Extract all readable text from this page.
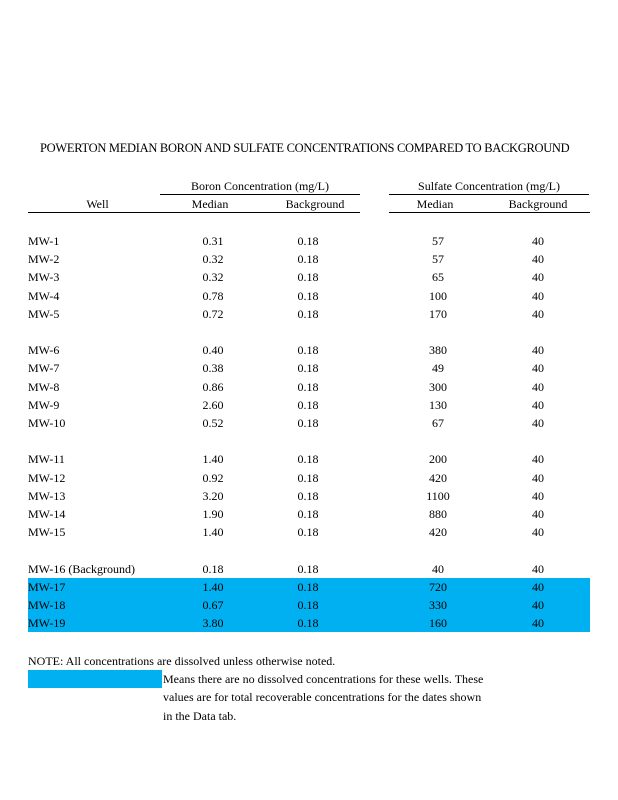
POWERTON MEDIAN BORON AND SULFATE CONCENTRATIONS COMPARED TO BACKGROUND
Boron Concentration (mg/L)	Sulfate Concentration (mg/L)
Well	Median	Background	Median	Background
MW-1	0.31	0.18	57	40
MW-2	0.32	0.18	57	40
MW-3	0.32	0.18	65	40
MW-4	0.78	0.18	100	40
MW-5	0.72	0.18	170	40
MW-6	0.40	0.18	380	40
MW-7	0.38	0.18	49	40
MW-8	0.86	0.18	300	40
MW-9	2.60	0.18	130	40
MW-10	0.52	0.18	67	40
MW-11	1.40	0.18	200	40
MW-12	0.92	0.18	420	40
MW-13	3.20	0.18	1100	40
MW-14	1.90	0.18	880	40
MW-15	1.40	0.18	420	40
MW-16 (Background)	0.18	0.18	40	40
MW-17	1.40	0.18	720	40
MW-18	0.67	0.18	330	40
MW-19	3.80	0.18	160	40
NOTE: All concentrations are dissolved unless otherwise noted.
Means there are no dissolved concentrations for these wells. These
values are for total recoverable concentrations for the dates shown
in the Data tab.
